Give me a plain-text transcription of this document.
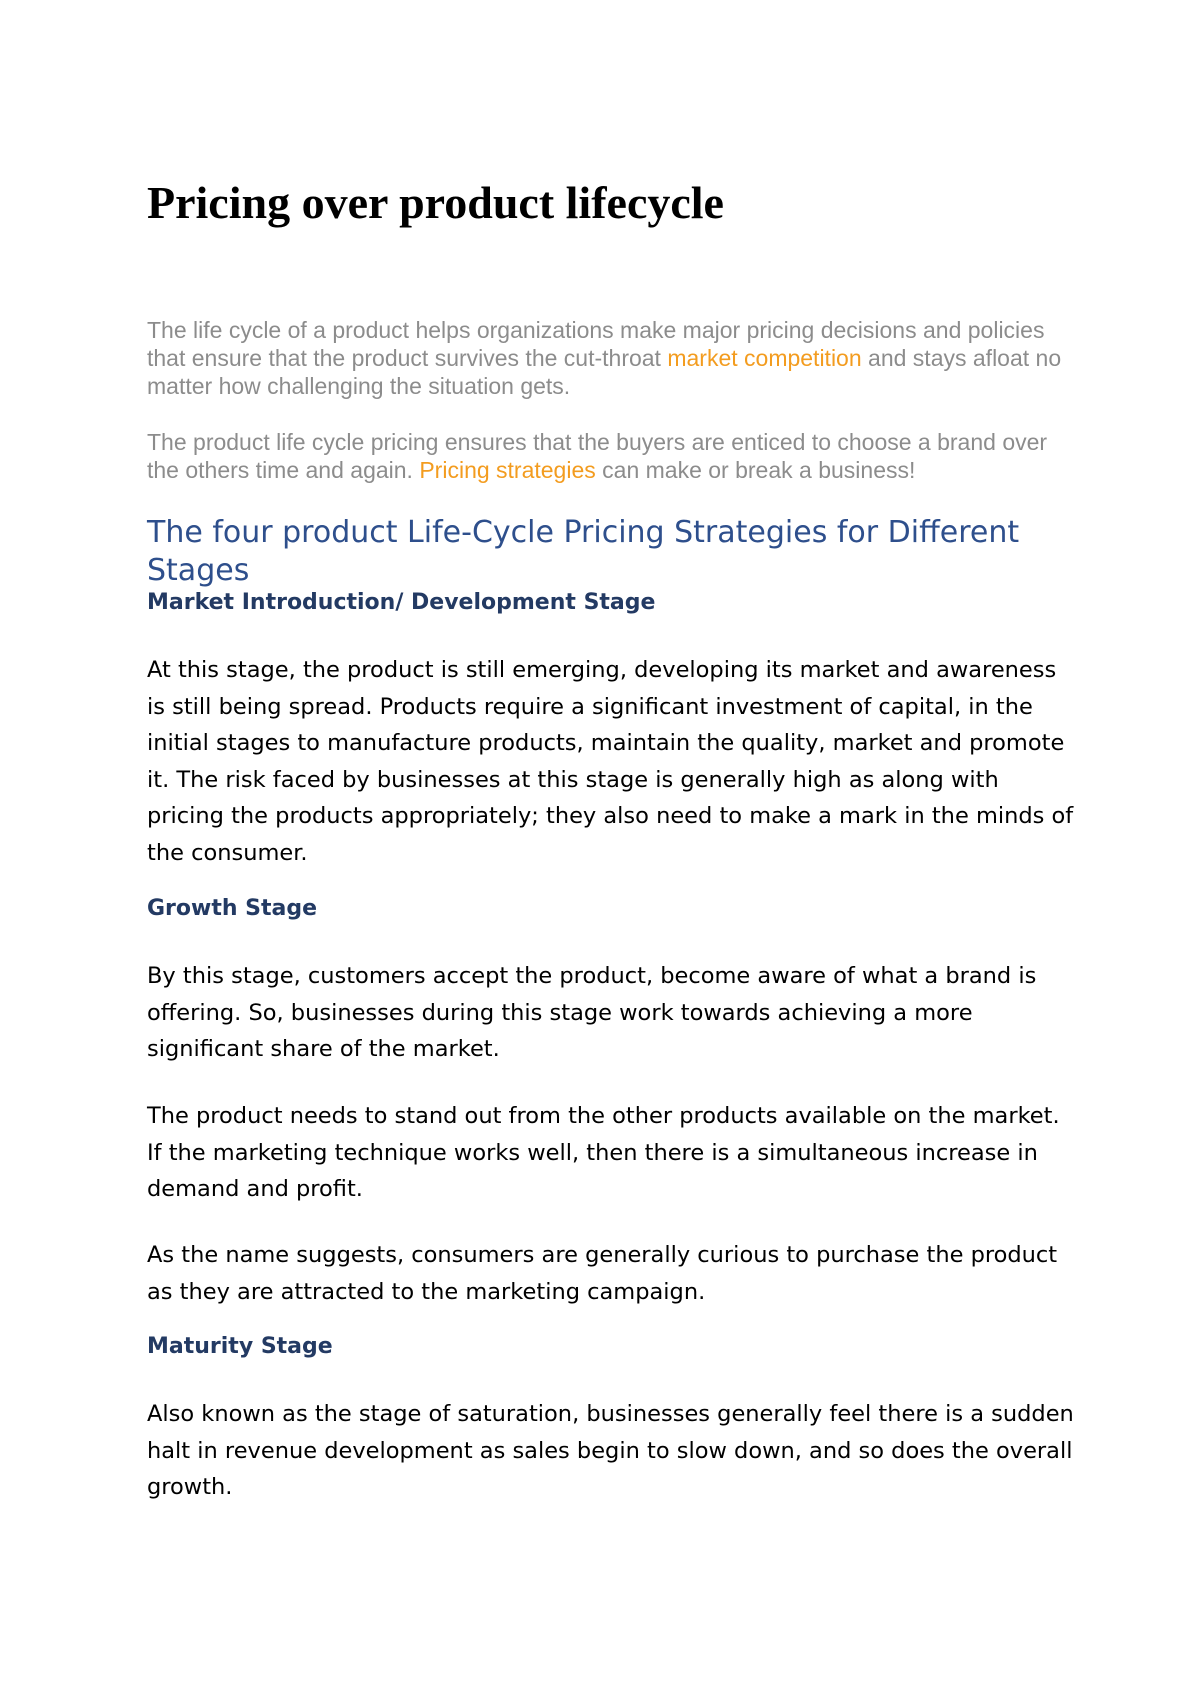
Pricing over product lifecycle

The life cycle of a product helps organizations make major pricing decisions and policies that ensure that the product survives the cut-throat market competition and stays afloat no matter how challenging the situation gets.

The product life cycle pricing ensures that the buyers are enticed to choose a brand over the others time and again. Pricing strategies can make or break a business!

The four product Life-Cycle Pricing Strategies for Different Stages
Market Introduction/ Development Stage

At this stage, the product is still emerging, developing its market and awareness is still being spread. Products require a significant investment of capital, in the initial stages to manufacture products, maintain the quality, market and promote it. The risk faced by businesses at this stage is generally high as along with pricing the products appropriately; they also need to make a mark in the minds of the consumer.

Growth Stage

By this stage, customers accept the product, become aware of what a brand is offering. So, businesses during this stage work towards achieving a more significant share of the market.

The product needs to stand out from the other products available on the market. If the marketing technique works well, then there is a simultaneous increase in demand and profit.

As the name suggests, consumers are generally curious to purchase the product as they are attracted to the marketing campaign.

Maturity Stage

Also known as the stage of saturation, businesses generally feel there is a sudden halt in revenue development as sales begin to slow down, and so does the overall growth.
